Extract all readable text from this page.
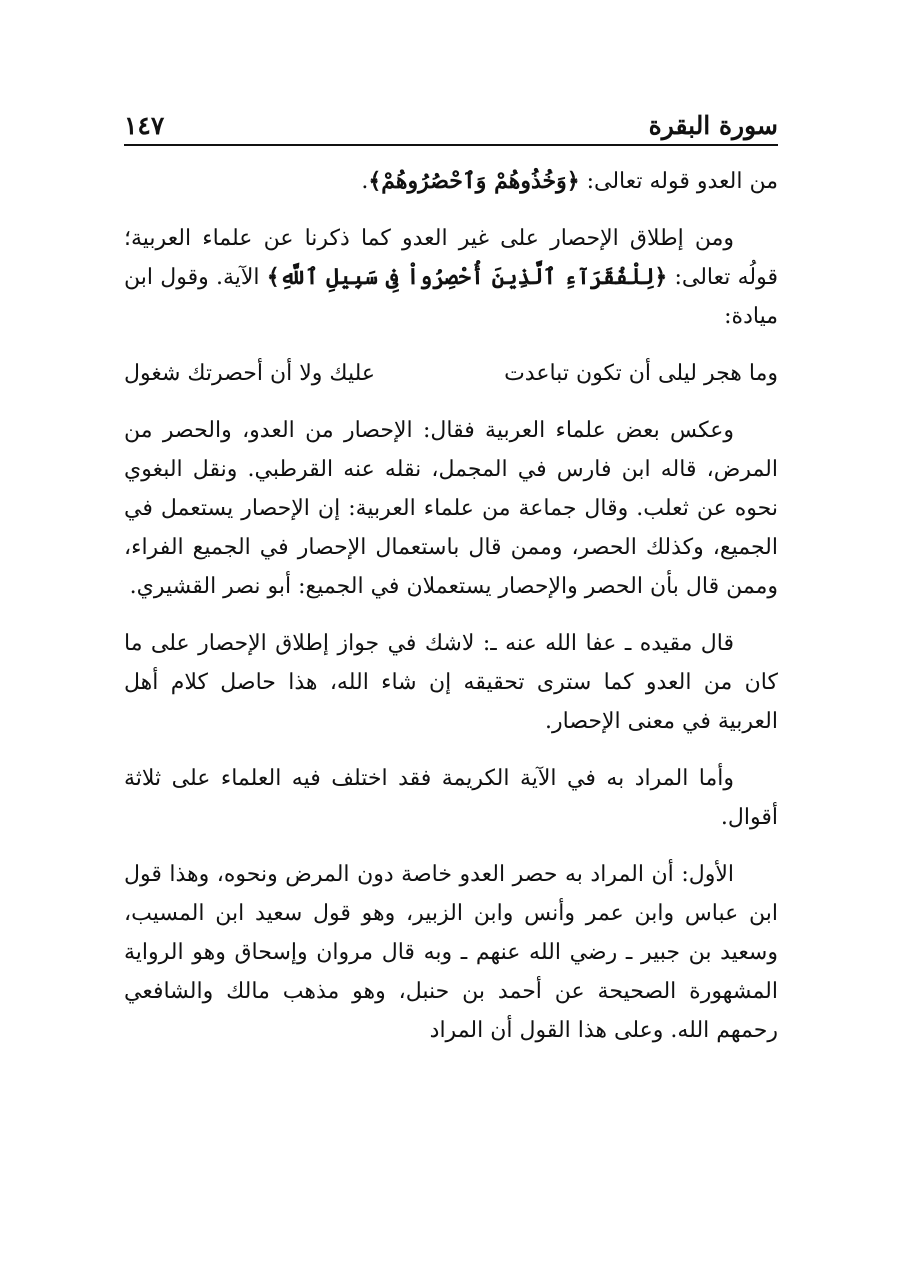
سورة البقرة
١٤٧

من العدو قوله تعالى: ﴿وَخُذُوهُمْ وَٱحْصُرُوهُمْ﴾.

ومن إطلاق الإحصار على غير العدو كما ذكرنا عن علماء العربية؛ قولُه تعالى: ﴿لِلْفُقَرَآءِ ٱلَّذِينَ أُحْصِرُواْ فِى سَبِيلِ ٱللَّهِ﴾ الآية. وقول ابن ميادة:

وما هجر ليلى أن تكون تباعدت
عليك ولا أن أحصرتك شغول

وعكس بعض علماء العربية فقال: الإحصار من العدو، والحصر من المرض، قاله ابن فارس في المجمل، نقله عنه القرطبي. ونقل البغوي نحوه عن ثعلب. وقال جماعة من علماء العربية: إن الإحصار يستعمل في الجميع، وكذلك الحصر، وممن قال باستعمال الإحصار في الجميع الفراء، وممن قال بأن الحصر والإحصار يستعملان في الجميع: أبو نصر القشيري.

قال مقيده ـ عفا الله عنه ـ: لاشك في جواز إطلاق الإحصار على ما كان من العدو كما سترى تحقيقه إن شاء الله، هذا حاصل كلام أهل العربية في معنى الإحصار.

وأما المراد به في الآية الكريمة فقد اختلف فيه العلماء على ثلاثة أقوال.

الأول: أن المراد به حصر العدو خاصة دون المرض ونحوه، وهذا قول ابن عباس وابن عمر وأنس وابن الزبير، وهو قول سعيد ابن المسيب، وسعيد بن جبير ـ رضي الله عنهم ـ وبه قال مروان وإسحاق وهو الرواية المشهورة الصحيحة عن أحمد بن حنبل، وهو مذهب مالك والشافعي رحمهم الله. وعلى هذا القول أن المراد
